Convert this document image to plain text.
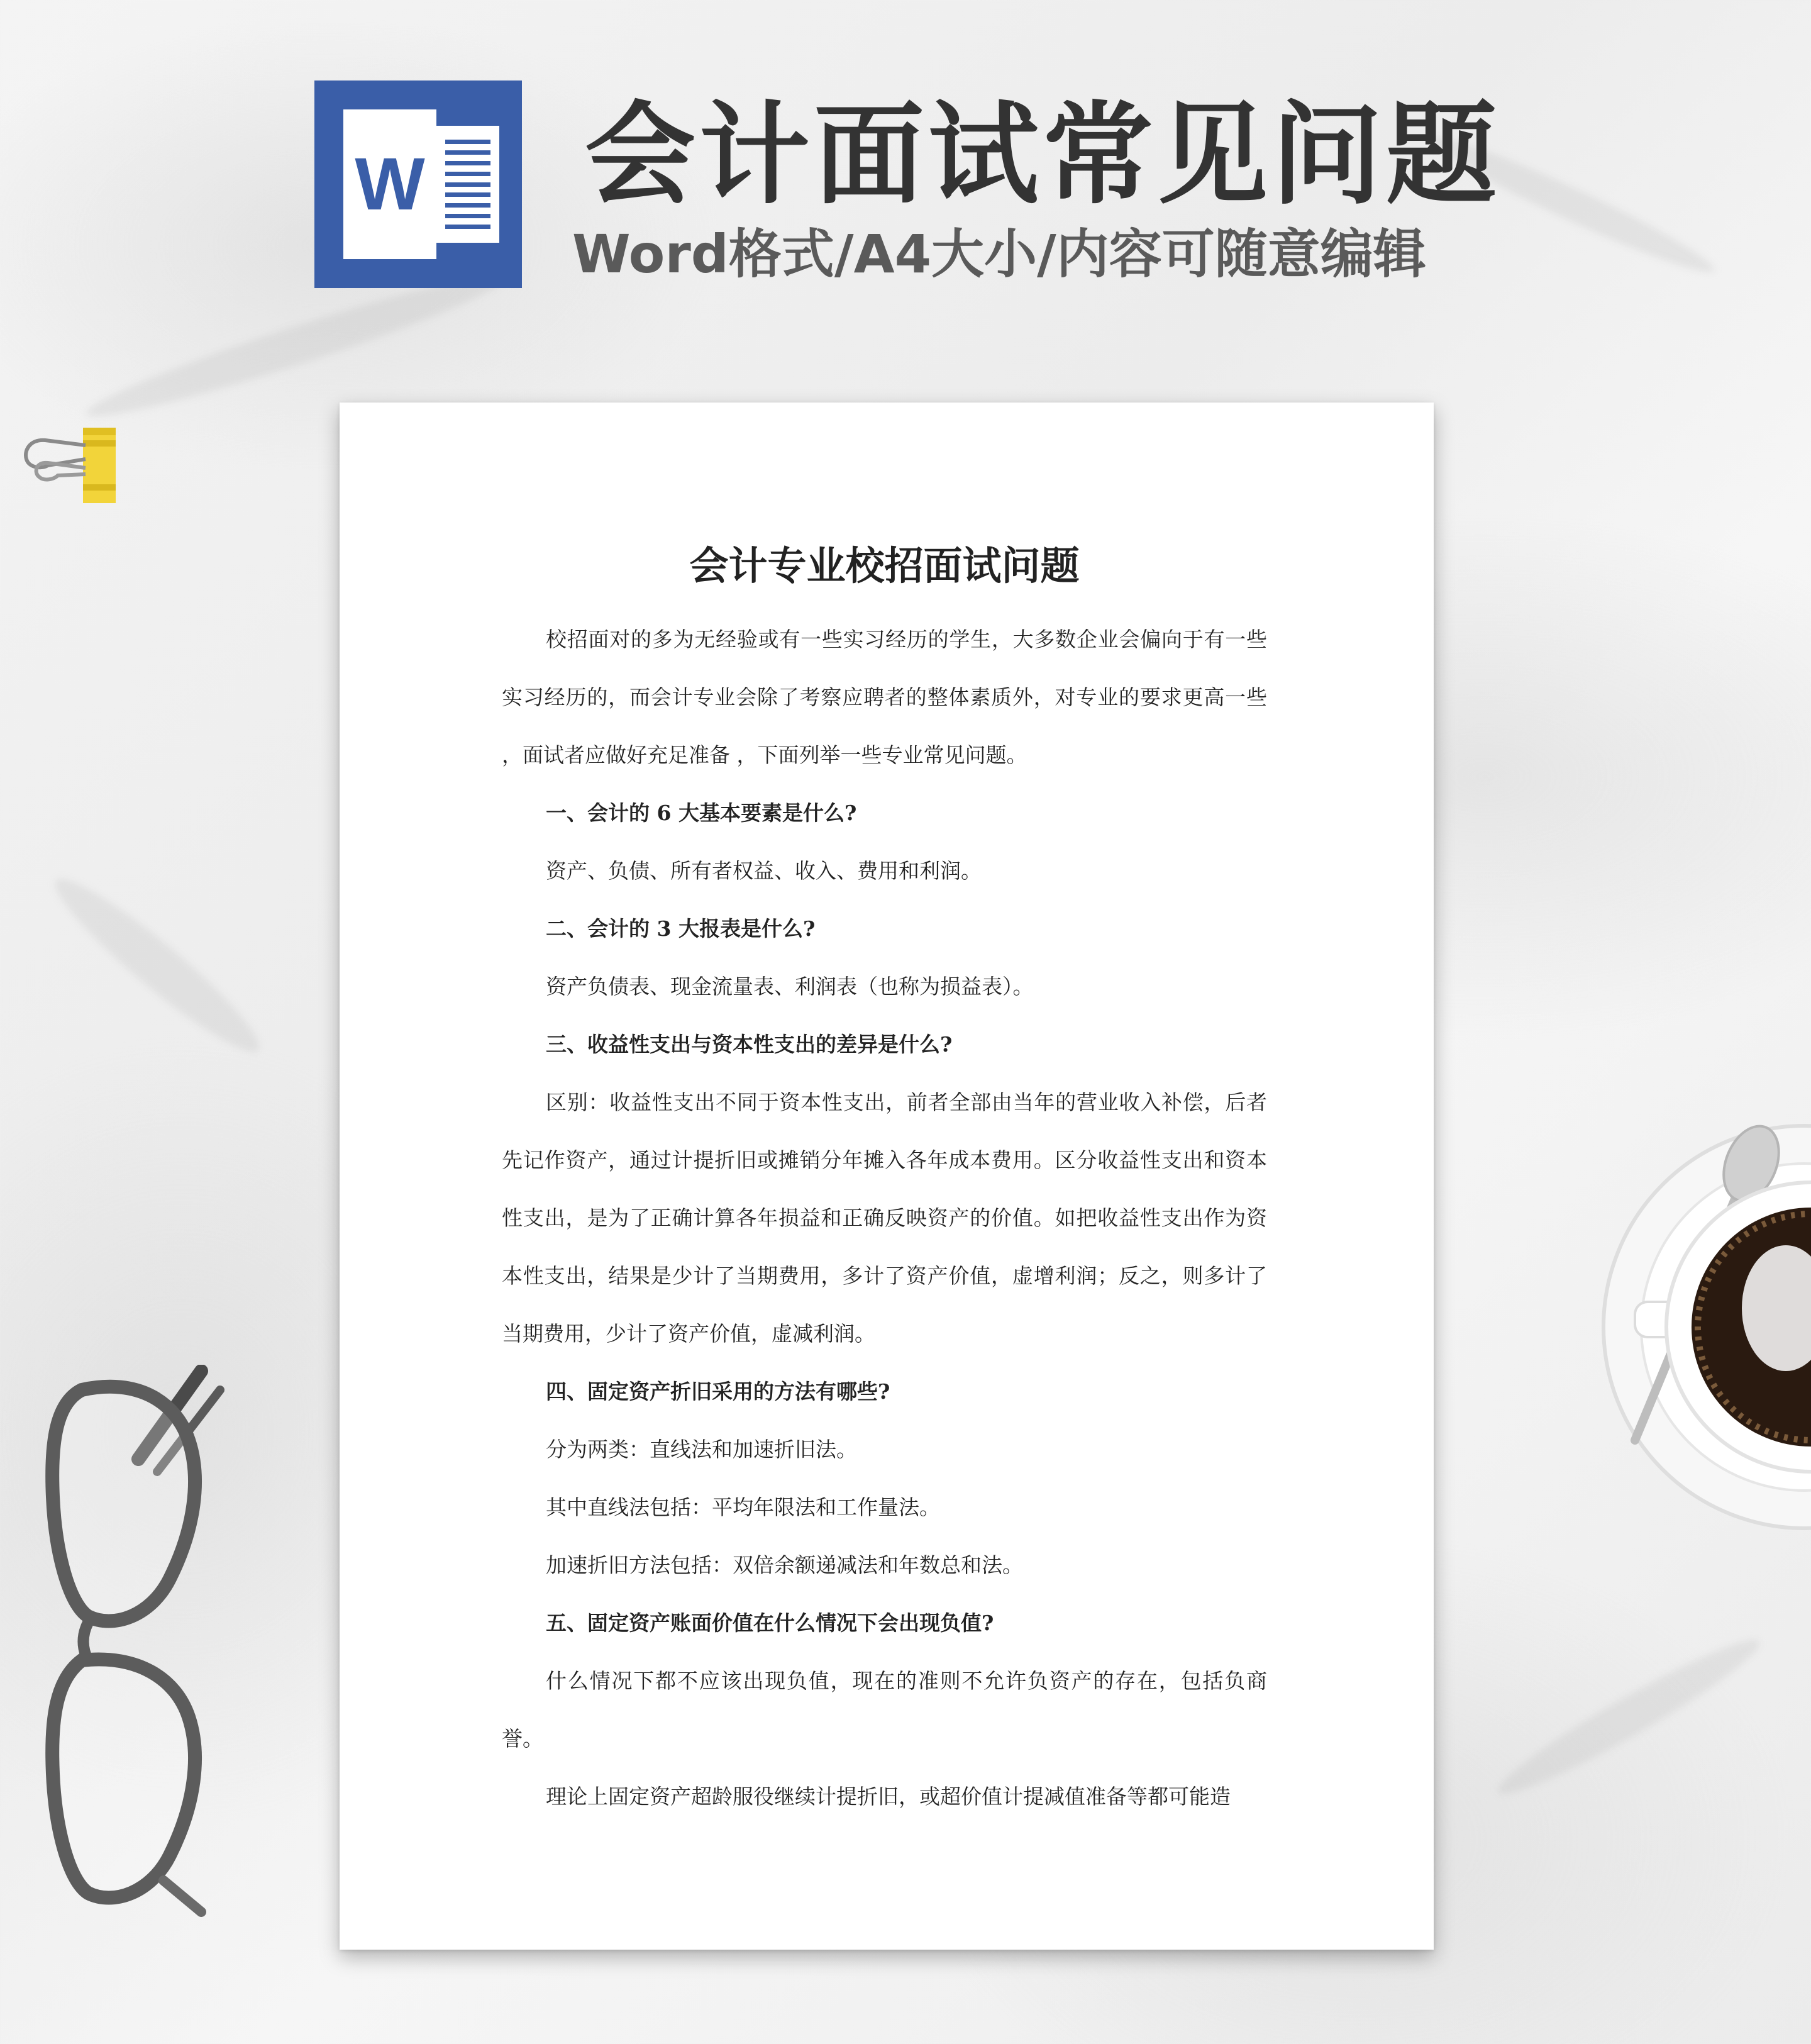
W 会计面试常见问题
Word格式/A4大小/内容可随意编辑
会计专业校招面试问题

校招面对的多为无经验或有一些实习经历的学生，大多数企业会偏向于有一些实习经历的，而会计专业会除了考察应聘者的整体素质外，对专业的要求更高一些 ，面试者应做好充足准备 ，下面列举一些专业常见问题。

一、会计的 6 大基本要素是什么?

资产、负债、所有者权益、收入、费用和利润。

二、会计的 3 大报表是什么?

资产负债表、现金流量表、利润表（也称为损益表）。

三、收益性支出与资本性支出的差异是什么?

区别：收益性支出不同于资本性支出，前者全部由当年的营业收入补偿，后者先记作资产，通过计提折旧或摊销分年摊入各年成本费用。区分收益性支出和资本性支出，是为了正确计算各年损益和正确反映资产的价值。如把收益性支出作为资本性支出，结果是少计了当期费用，多计了资产价值，虚增利润；反之，则多计了当期费用，少计了资产价值，虚减利润。

四、固定资产折旧采用的方法有哪些?

分为两类：直线法和加速折旧法。

其中直线法包括：平均年限法和工作量法。

加速折旧方法包括：双倍余额递减法和年数总和法。

五、固定资产账面价值在什么情况下会出现负值?

什么情况下都不应该出现负值，现在的准则不允许负资产的存在，包括负商誉。

理论上固定资产超龄服役继续计提折旧，或超价值计提减值准备等都可能造
